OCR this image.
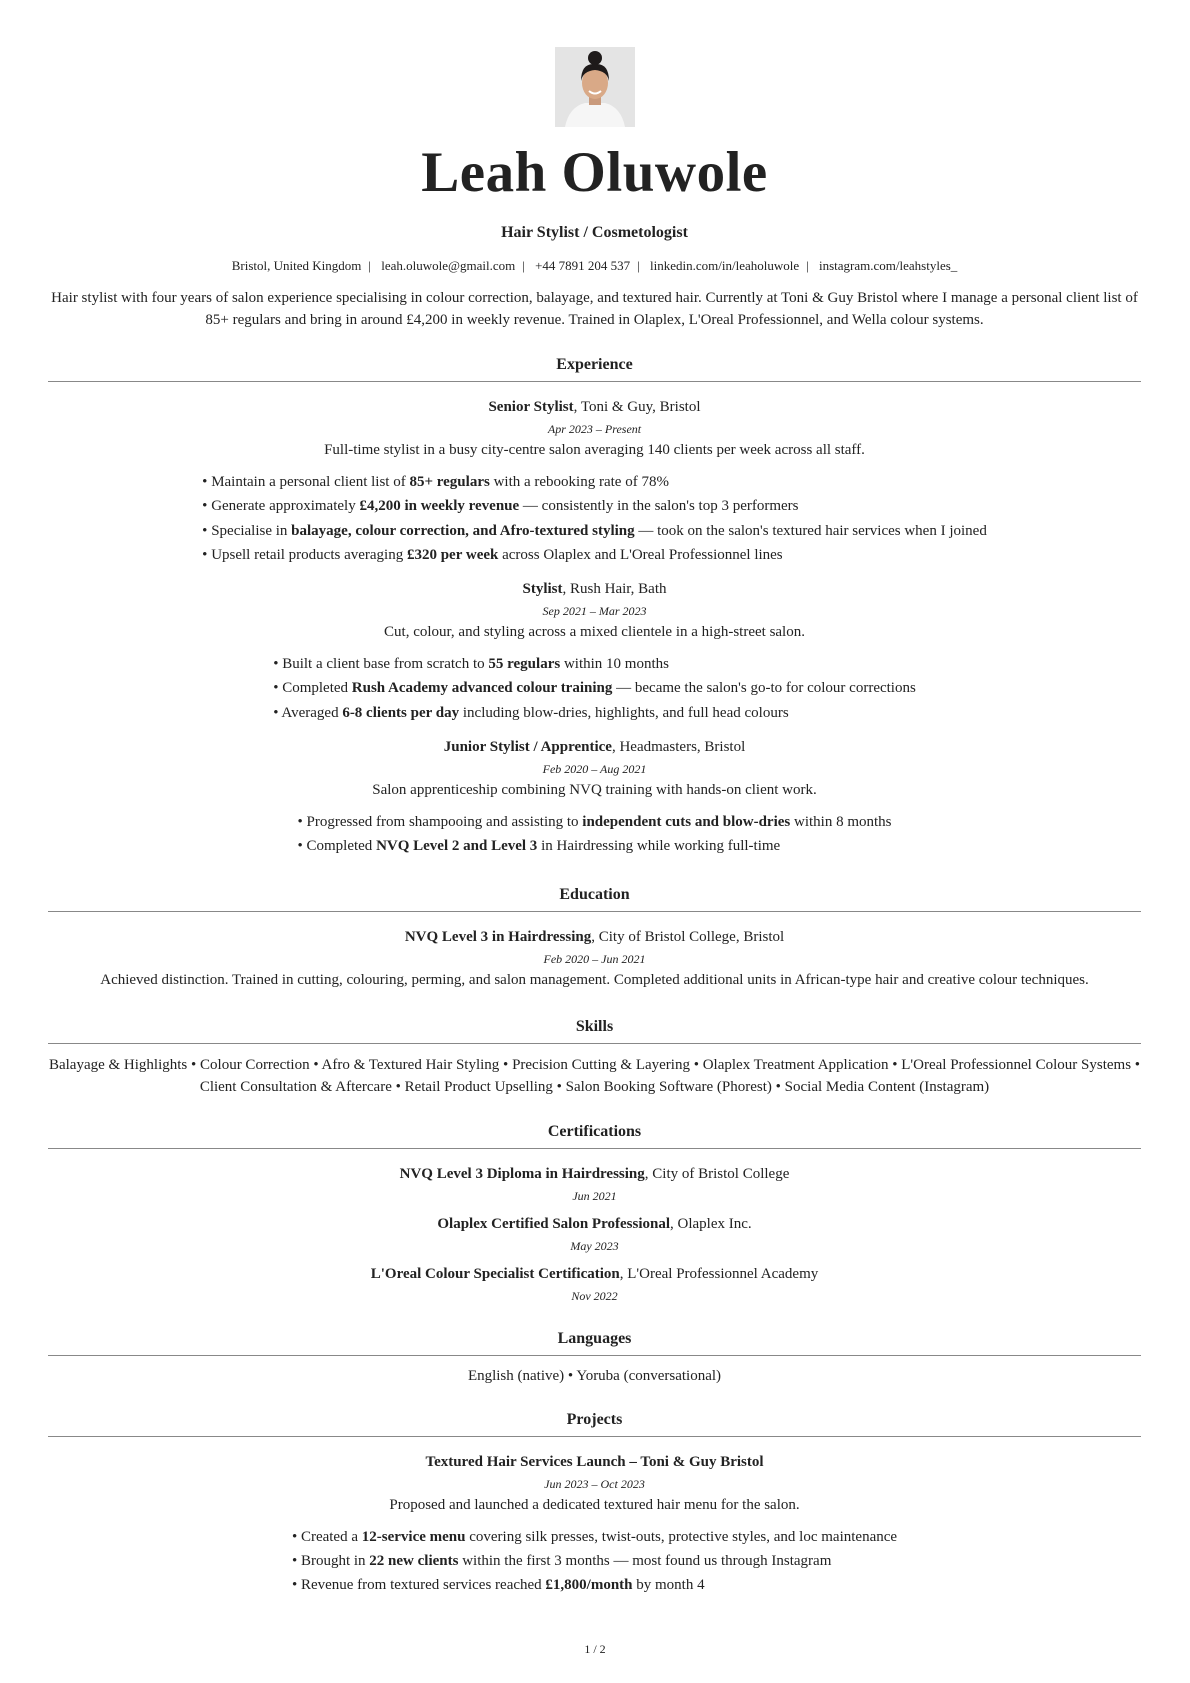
Leah Oluwole
Hair Stylist / Cosmetologist
Bristol, United Kingdom | leah.oluwole@gmail.com | +44 7891 204 537 | linkedin.com/in/leaholuwole | instagram.com/leahstyles_
Hair stylist with four years of salon experience specialising in colour correction, balayage, and textured hair. Currently at Toni & Guy Bristol where I manage a personal client list of 85+ regulars and bring in around £4,200 in weekly revenue. Trained in Olaplex, L'Oreal Professionnel, and Wella colour systems.
Experience
Senior Stylist, Toni & Guy, Bristol
Apr 2023 – Present
Full-time stylist in a busy city-centre salon averaging 140 clients per week across all staff.
• Maintain a personal client list of 85+ regulars with a rebooking rate of 78%
• Generate approximately £4,200 in weekly revenue — consistently in the salon's top 3 performers
• Specialise in balayage, colour correction, and Afro-textured styling — took on the salon's textured hair services when I joined
• Upsell retail products averaging £320 per week across Olaplex and L'Oreal Professionnel lines
Stylist, Rush Hair, Bath
Sep 2021 – Mar 2023
Cut, colour, and styling across a mixed clientele in a high-street salon.
• Built a client base from scratch to 55 regulars within 10 months
• Completed Rush Academy advanced colour training — became the salon's go-to for colour corrections
• Averaged 6-8 clients per day including blow-dries, highlights, and full head colours
Junior Stylist / Apprentice, Headmasters, Bristol
Feb 2020 – Aug 2021
Salon apprenticeship combining NVQ training with hands-on client work.
• Progressed from shampooing and assisting to independent cuts and blow-dries within 8 months
• Completed NVQ Level 2 and Level 3 in Hairdressing while working full-time
Education
NVQ Level 3 in Hairdressing, City of Bristol College, Bristol
Feb 2020 – Jun 2021
Achieved distinction. Trained in cutting, colouring, perming, and salon management. Completed additional units in African-type hair and creative colour techniques.
Skills
Balayage & Highlights • Colour Correction • Afro & Textured Hair Styling • Precision Cutting & Layering • Olaplex Treatment Application • L'Oreal Professionnel Colour Systems • Client Consultation & Aftercare • Retail Product Upselling • Salon Booking Software (Phorest) • Social Media Content (Instagram)
Certifications
NVQ Level 3 Diploma in Hairdressing, City of Bristol College
Jun 2021
Olaplex Certified Salon Professional, Olaplex Inc.
May 2023
L'Oreal Colour Specialist Certification, L'Oreal Professionnel Academy
Nov 2022
Languages
English (native) • Yoruba (conversational)
Projects
Textured Hair Services Launch – Toni & Guy Bristol
Jun 2023 – Oct 2023
Proposed and launched a dedicated textured hair menu for the salon.
• Created a 12-service menu covering silk presses, twist-outs, protective styles, and loc maintenance
• Brought in 22 new clients within the first 3 months — most found us through Instagram
• Revenue from textured services reached £1,800/month by month 4
1 / 2
